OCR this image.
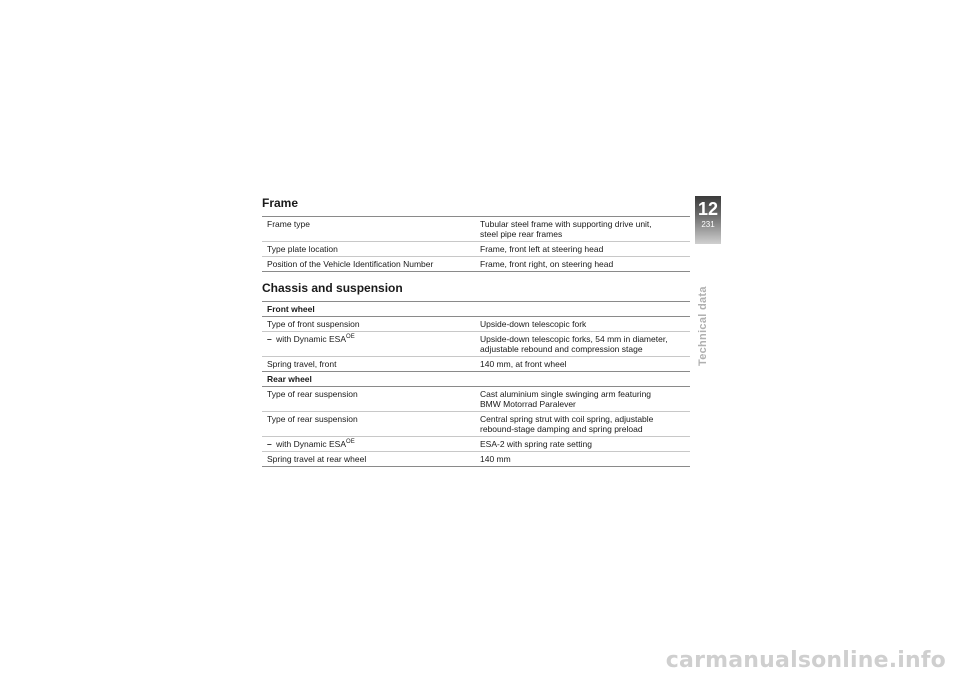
Frame
Frame type	Tubular steel frame with supporting drive unit,
steel pipe rear frames
Type plate location	Frame, front left at steering head
Position of the Vehicle Identification Number	Frame, front right, on steering head
Chassis and suspension
Front wheel	
Type of front suspension	Upside-down telescopic fork
– with Dynamic $ESA^{OE}$	Upside-down telescopic forks, 54 mm in diameter,
adjustable rebound and compression stage
Spring travel, front	140 mm, at front wheel
Rear wheel	
Type of rear suspension	Cast aluminium single swinging arm featuring
BMW Motorrad Paralever
Type of rear suspension	Central spring strut with coil spring, adjustable
rebound-stage damping and spring preload
– with Dynamic $ESA^{OE}$	ESA-2 with spring rate setting
Spring travel at rear wheel	140 mm
12
231
Technical data
carmanualsonline.info
